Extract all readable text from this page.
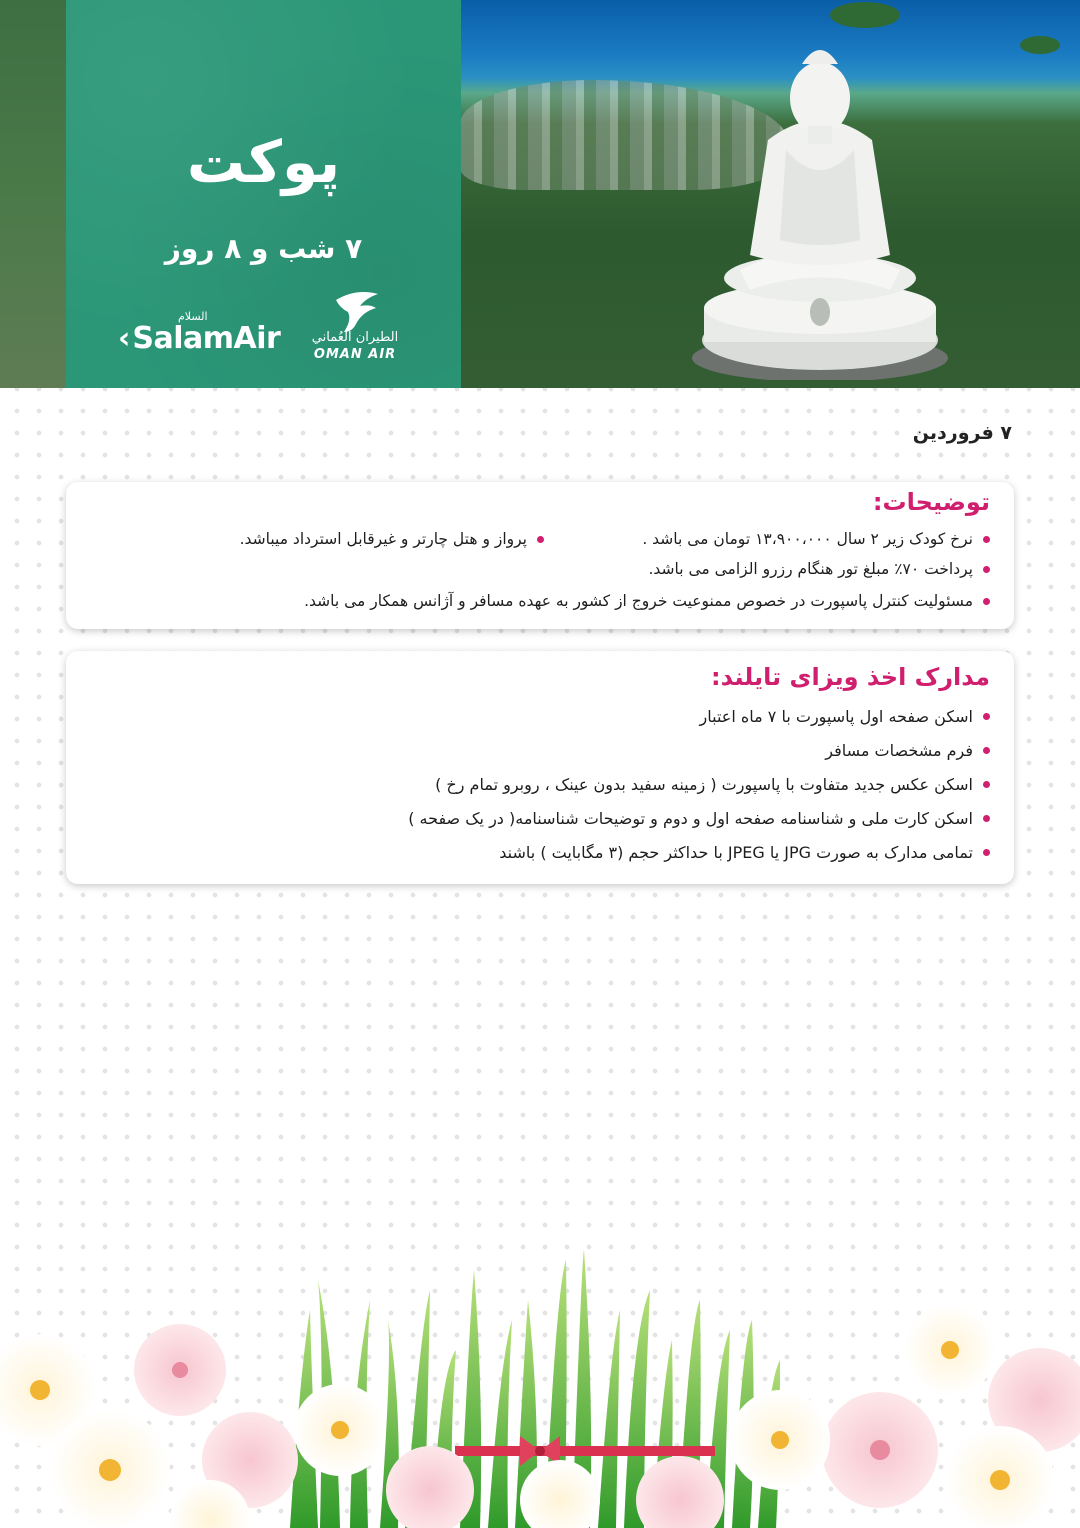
پوکت
۷ شب و ۸ روز
‹ SalamAir
السلام
الطيران العُماني
OMAN AIR
۷ فروردین
توضیحات:
نرخ کودک زیر ۲ سال ۱۳،۹۰۰،۰۰۰ تومان می باشد .
پرواز و هتل چارتر و غیرقابل استرداد میباشد.
پرداخت ۷۰٪ مبلغ تور هنگام رزرو الزامی می باشد.
مسئولیت کنترل پاسپورت در خصوص ممنوعیت خروج از کشور به عهده مسافر و آژانس همکار می باشد.
مدارک اخذ ویزای تایلند:
اسکن صفحه اول پاسپورت با ۷ ماه اعتبار
فرم مشخصات مسافر
اسکن عکس جدید متفاوت با پاسپورت ( زمینه سفید بدون عینک ، روبرو تمام رخ )
اسکن کارت ملی و شناسنامه صفحه اول و دوم و توضیحات شناسنامه( در یک صفحه )
تمامی مدارک به صورت JPG یا JPEG با حداکثر حجم (۳ مگابایت ) باشند
